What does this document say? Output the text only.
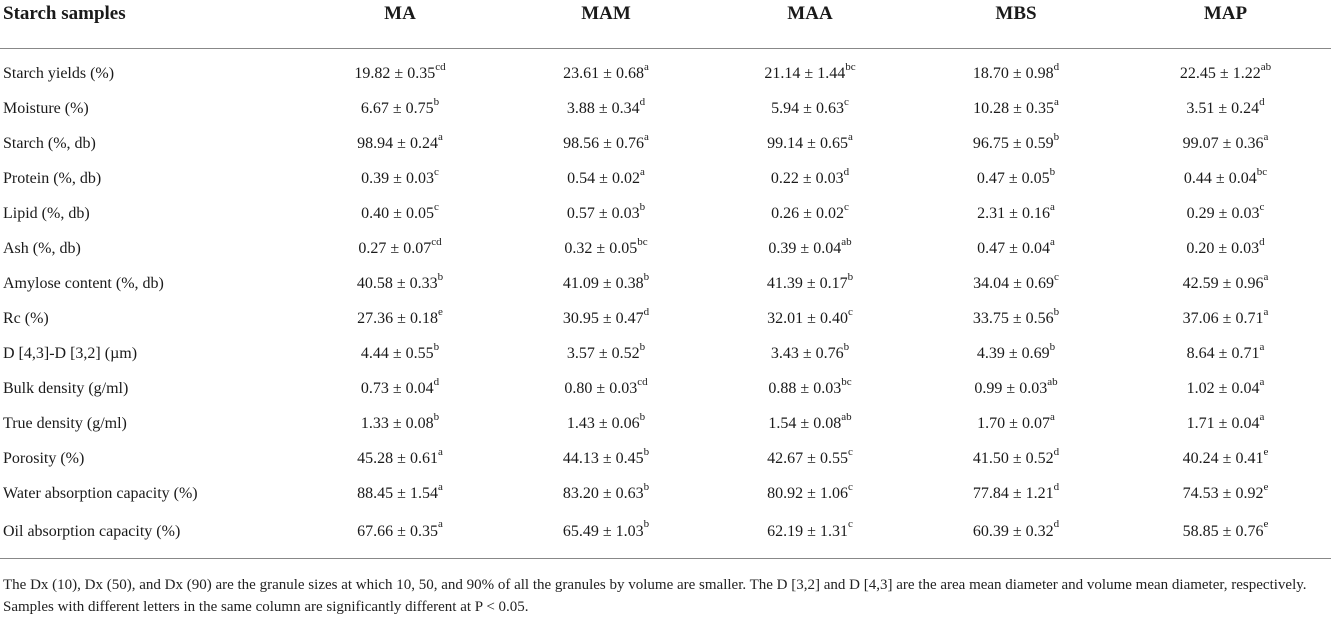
Starch samples	MA	MAM	MAA	MBS	MAP
Starch yields (%)	19.82 ± 0.35$^{cd}$	23.61 ± 0.68$^a$	21.14 ± 1.44$^{bc}$	18.70 ± 0.98$^d$	22.45 ± 1.22$^{ab}$
Moisture (%)	6.67 ± 0.75$^b$	3.88 ± 0.34$^d$	5.94 ± 0.63$^c$	10.28 ± 0.35$^a$	3.51 ± 0.24$^d$
Starch (%, db)	98.94 ± 0.24$^a$	98.56 ± 0.76$^a$	99.14 ± 0.65$^a$	96.75 ± 0.59$^b$	99.07 ± 0.36$^a$
Protein (%, db)	0.39 ± 0.03$^c$	0.54 ± 0.02$^a$	0.22 ± 0.03$^d$	0.47 ± 0.05$^b$	0.44 ± 0.04$^{bc}$
Lipid (%, db)	0.40 ± 0.05$^c$	0.57 ± 0.03$^b$	0.26 ± 0.02$^c$	2.31 ± 0.16$^a$	0.29 ± 0.03$^c$
Ash (%, db)	0.27 ± 0.07$^{cd}$	0.32 ± 0.05$^{bc}$	0.39 ± 0.04$^{ab}$	0.47 ± 0.04$^a$	0.20 ± 0.03$^d$
Amylose content (%, db)	40.58 ± 0.33$^b$	41.09 ± 0.38$^b$	41.39 ± 0.17$^b$	34.04 ± 0.69$^c$	42.59 ± 0.96$^a$
Rc (%)	27.36 ± 0.18$^e$	30.95 ± 0.47$^d$	32.01 ± 0.40$^c$	33.75 ± 0.56$^b$	37.06 ± 0.71$^a$
D [4,3]-D [3,2] (µm)	4.44 ± 0.55$^b$	3.57 ± 0.52$^b$	3.43 ± 0.76$^b$	4.39 ± 0.69$^b$	8.64 ± 0.71$^a$
Bulk density (g/ml)	0.73 ± 0.04$^d$	0.80 ± 0.03$^{cd}$	0.88 ± 0.03$^{bc}$	0.99 ± 0.03$^{ab}$	1.02 ± 0.04$^a$
True density (g/ml)	1.33 ± 0.08$^b$	1.43 ± 0.06$^b$	1.54 ± 0.08$^{ab}$	1.70 ± 0.07$^a$	1.71 ± 0.04$^a$
Porosity (%)	45.28 ± 0.61$^a$	44.13 ± 0.45$^b$	42.67 ± 0.55$^c$	41.50 ± 0.52$^d$	40.24 ± 0.41$^e$
Water absorption capacity (%)	88.45 ± 1.54$^a$	83.20 ± 0.63$^b$	80.92 ± 1.06$^c$	77.84 ± 1.21$^d$	74.53 ± 0.92$^e$
Oil absorption capacity (%)	67.66 ± 0.35$^a$	65.49 ± 1.03$^b$	62.19 ± 1.31$^c$	60.39 ± 0.32$^d$	58.85 ± 0.76$^e$
The Dx (10), Dx (50), and Dx (90) are the granule sizes at which 10, 50, and 90% of all the granules by volume are smaller. The D [3,2] and D [4,3] are the area mean diameter and volume mean diameter, respectively. Samples with different letters in the same column are significantly different at P < 0.05.
